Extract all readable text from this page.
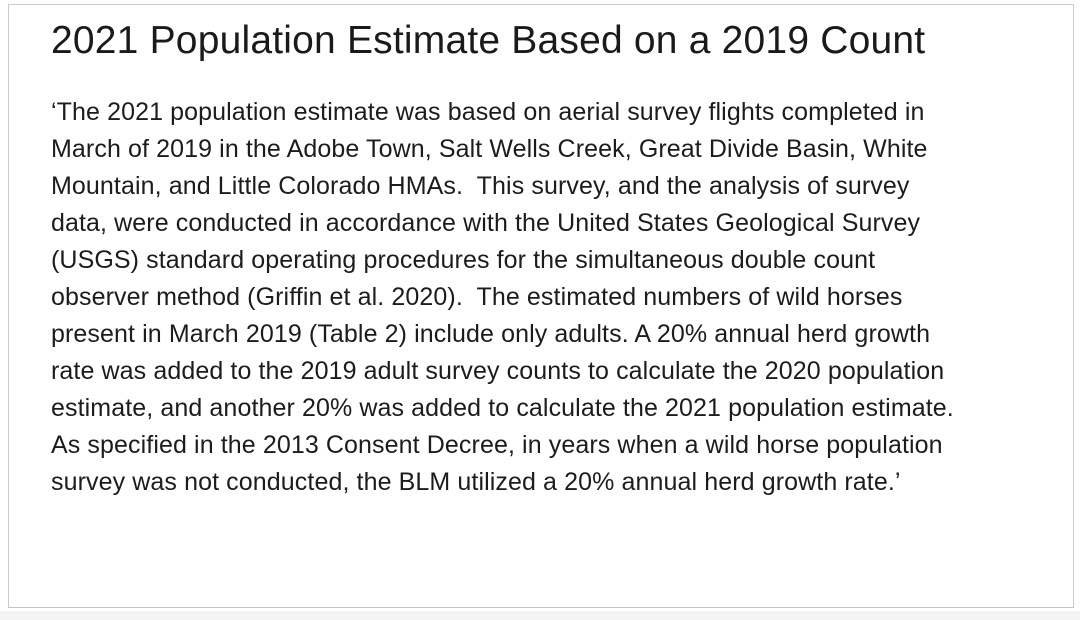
2021 Population Estimate Based on a 2019 Count
‘The 2021 population estimate was based on aerial survey flights completed in
March of 2019 in the Adobe Town, Salt Wells Creek, Great Divide Basin, White
Mountain, and Little Colorado HMAs.  This survey, and the analysis of survey
data, were conducted in accordance with the United States Geological Survey
(USGS) standard operating procedures for the simultaneous double count
observer method (Griffin et al. 2020).  The estimated numbers of wild horses
present in March 2019 (Table 2) include only adults. A 20% annual herd growth
rate was added to the 2019 adult survey counts to calculate the 2020 population
estimate, and another 20% was added to calculate the 2021 population estimate.
As specified in the 2013 Consent Decree, in years when a wild horse population
survey was not conducted, the BLM utilized a 20% annual herd growth rate.’
